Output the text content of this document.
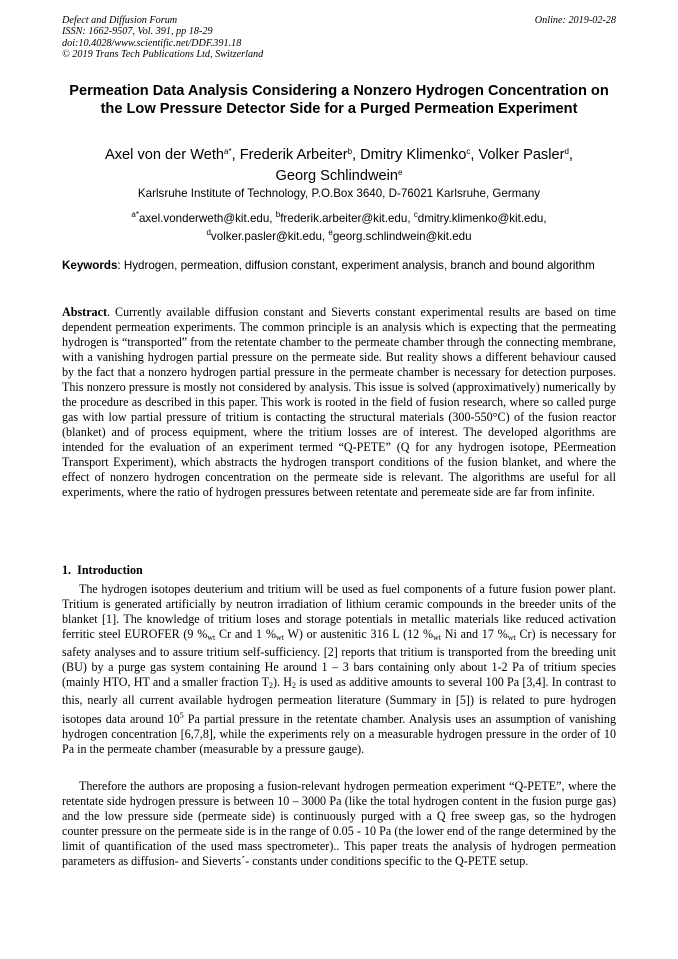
Defect and Diffusion Forum
ISSN: 1662-9507, Vol. 391, pp 18-29
doi:10.4028/www.scientific.net/DDF.391.18
© 2019 Trans Tech Publications Ltd, Switzerland
Online: 2019-02-28
Permeation Data Analysis Considering a Nonzero Hydrogen Concentration on the Low Pressure Detector Side for a Purged Permeation Experiment
Axel von der Weth$^{a*}$, Frederik Arbeiter$^b$, Dmitry Klimenko$^c$, Volker Pasler$^d$,
Georg Schlindwein$^e$
Karlsruhe Institute of Technology, P.O.Box 3640, D-76021 Karlsruhe, Germany
$^{a*}$axel.vonderweth@kit.edu, $^b$frederik.arbeiter@kit.edu, $^c$dmitry.klimenko@kit.edu,
$^d$volker.pasler@kit.edu, $^e$georg.schlindwein@kit.edu
Keywords: Hydrogen, permeation, diffusion constant, experiment analysis, branch and bound algorithm
Abstract. Currently available diffusion constant and Sieverts constant experimental results are based on time dependent permeation experiments. The common principle is an analysis which is expecting that the permeating hydrogen is “transported” from the retentate chamber to the permeate chamber through the connecting membrane, with a vanishing hydrogen partial pressure on the permeate side. But reality shows a different behaviour caused by the fact that a nonzero hydrogen partial pressure in the permeate chamber is necessary for detection purposes. This nonzero pressure is mostly not considered by analysis. This issue is solved (approximatively) numerically by the procedure as described in this paper. This work is rooted in the field of fusion research, where so called purge gas with low partial pressure of tritium is contacting the structural materials (300-550°C) of the fusion reactor (blanket) and of process equipment, where the tritium losses are of interest. The developed algorithms are intended for the evaluation of an experiment termed “Q-PETE” (Q for any hydrogen isotope, PEermeation Transport Experiment), which abstracts the hydrogen transport conditions of the fusion blanket, and where the effect of nonzero hydrogen concentration on the permeate side is relevant. The algorithms are useful for all experiments, where the ratio of hydrogen pressures between retentate and peremeate side are far from infinite.
1. Introduction
The hydrogen isotopes deuterium and tritium will be used as fuel components of a future fusion power plant. Tritium is generated artificially by neutron irradiation of lithium ceramic compounds in the breeder units of the blanket [1]. The knowledge of tritium loses and storage potentials in metallic materials like reduced activation ferritic steel EUROFER (9 $\%_{wt}$ Cr and 1 $\%_{wt}$ W) or austenitic 316 L (12 $\%_{wt}$ Ni and 17 $\%_{wt}$ Cr) is necessary for safety analyses and to assure tritium self-sufficiency. [2] reports that tritium is transported from the breeding unit (BU) by a purge gas system containing He around 1 – 3 bars containing only about 1-2 Pa of tritium species (mainly HTO, HT and a smaller fraction $T_2$). $H_2$ is used as additive amounts to several 100 Pa [3,4]. In contrast to this, nearly all current available hydrogen permeation literature (Summary in [5]) is related to pure hydrogen isotopes data around $10^5$ Pa partial pressure in the retentate chamber. Analysis uses an assumption of vanishing hydrogen concentration [6,7,8], while the experiments rely on a measurable hydrogen pressure in the order of 10 Pa in the permeate chamber (measurable by a pressure gauge).
Therefore the authors are proposing a fusion-relevant hydrogen permeation experiment “Q-PETE”, where the retentate side hydrogen pressure is between 10 – 3000 Pa (like the total hydrogen content in the fusion purge gas) and the low pressure side (permeate side) is continuously purged with a Q free sweep gas, so the hydrogen counter pressure on the permeate side is in the range of 0.05 - 10 Pa (the lower end of the range determined by the limit of quantification of the used mass spectrometer).. This paper treats the analysis of hydrogen permeation parameters as diffusion- and Sieverts´- constants under conditions specific to the Q-PETE setup.
